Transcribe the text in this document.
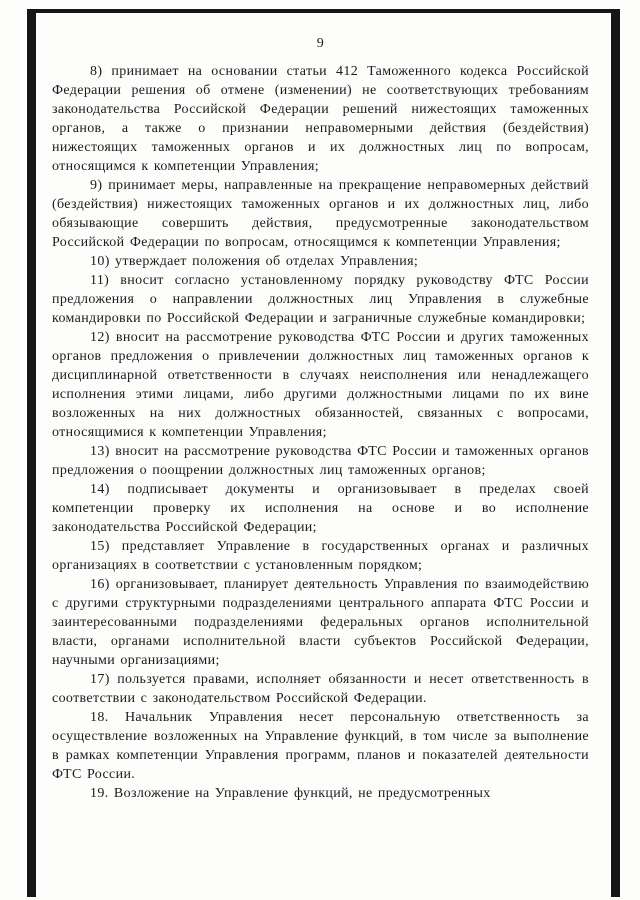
9

8) принимает на основании статьи 412 Таможенного кодекса Российской Федерации решения об отмене (изменении) не соответствующих требованиям законодательства Российской Федерации решений нижестоящих таможенных органов, а также о признании неправомерными действия (бездействия) нижестоящих таможенных органов и их должностных лиц по вопросам, относящимся к компетенции Управления;

9) принимает меры, направленные на прекращение неправомерных действий (бездействия) нижестоящих таможенных органов и их должностных лиц, либо обязывающие совершить действия, предусмотренные законодательством Российской Федерации по вопросам, относящимся к компетенции Управления;

10) утверждает положения об отделах Управления;

11) вносит согласно установленному порядку руководству ФТС России предложения о направлении должностных лиц Управления в служебные командировки по Российской Федерации и заграничные служебные командировки;

12) вносит на рассмотрение руководства ФТС России и других таможенных органов предложения о привлечении должностных лиц таможенных органов к дисциплинарной ответственности в случаях неисполнения или ненадлежащего исполнения этими лицами, либо другими должностными лицами по их вине возложенных на них должностных обязанностей, связанных с вопросами, относящимися к компетенции Управления;

13) вносит на рассмотрение руководства ФТС России и таможенных органов предложения о поощрении должностных лиц таможенных органов;

14) подписывает документы и организовывает в пределах своей компетенции проверку их исполнения на основе и во исполнение законодательства Российской Федерации;

15) представляет Управление в государственных органах и различных организациях в соответствии с установленным порядком;

16) организовывает, планирует деятельность Управления по взаимодействию с другими структурными подразделениями центрального аппарата ФТС России и заинтересованными подразделениями федеральных органов исполнительной власти, органами исполнительной власти субъектов Российской Федерации, научными организациями;

17) пользуется правами, исполняет обязанности и несет ответственность в соответствии с законодательством Российской Федерации.

18. Начальник Управления несет персональную ответственность за осуществление возложенных на Управление функций, в том числе за выполнение в рамках компетенции Управления программ, планов и показателей деятельности ФТС России.

19. Возложение на Управление функций, не предусмотренных
